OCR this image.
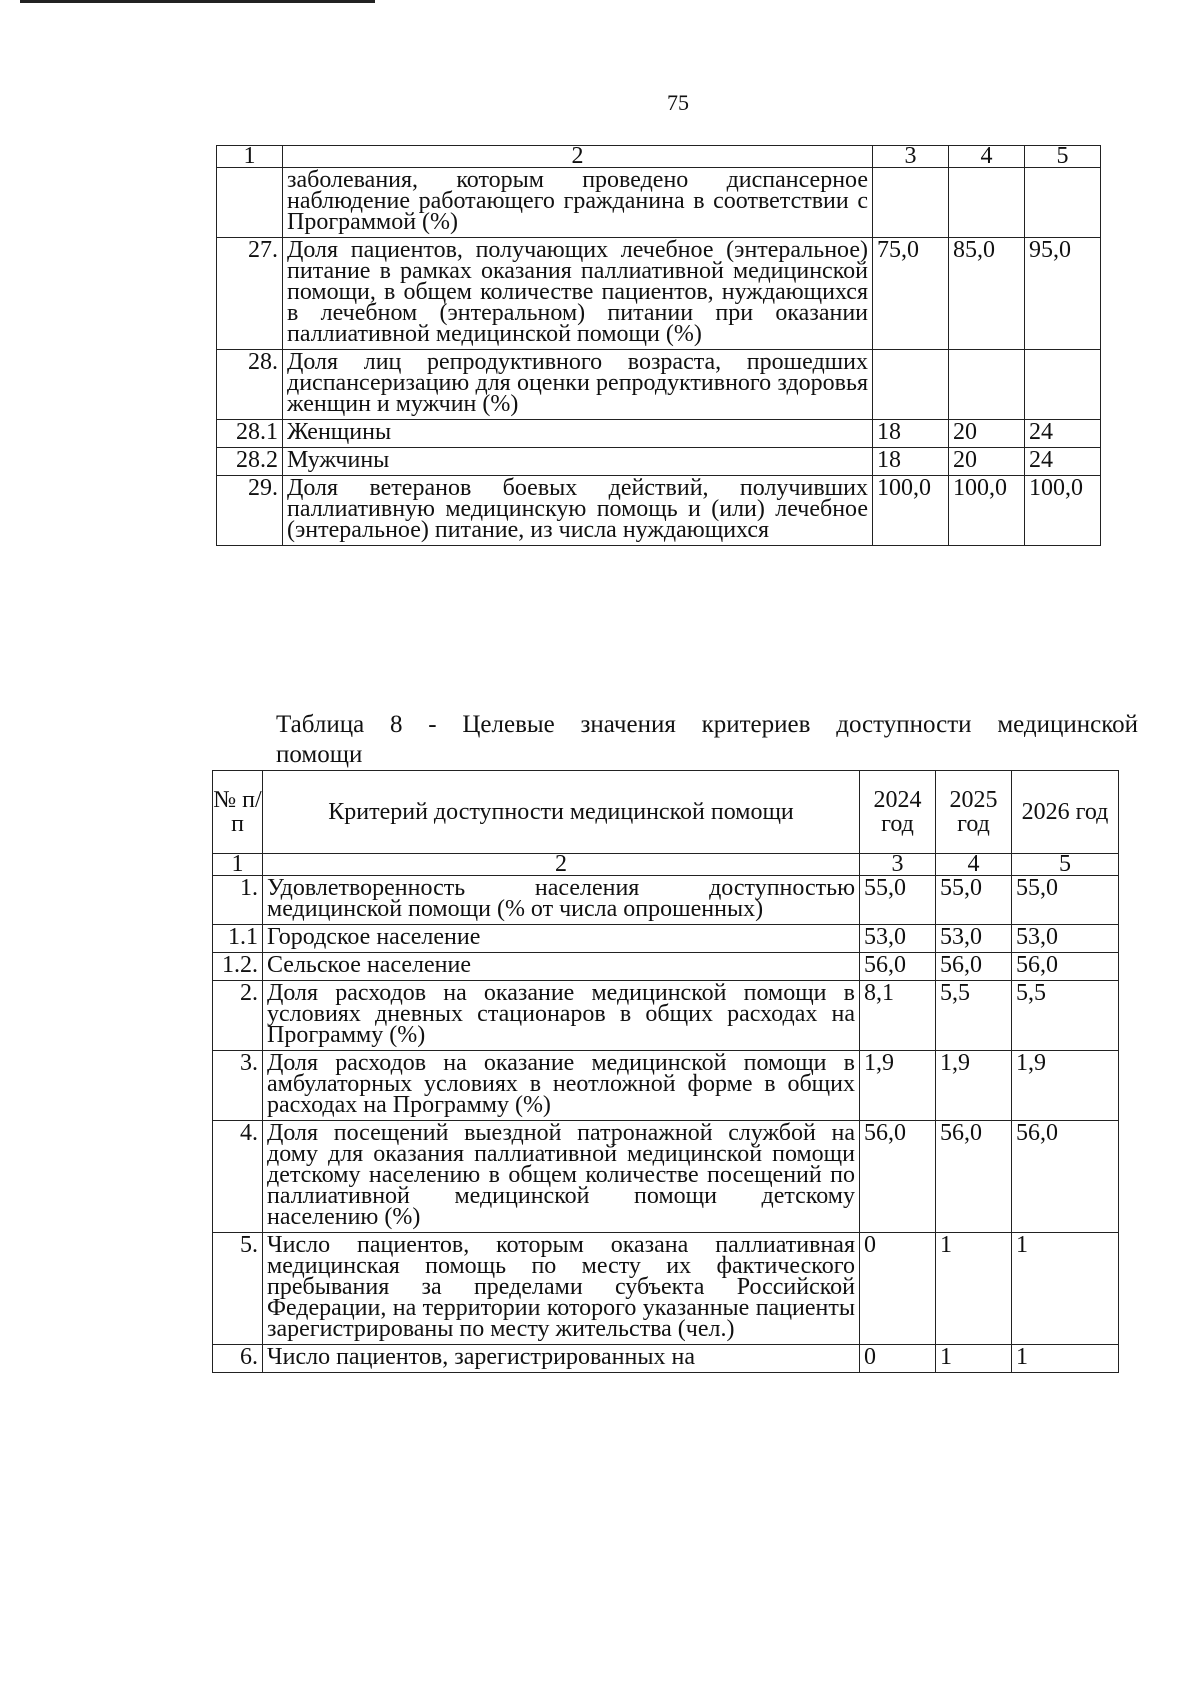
75
1	2	3	4	5
	заболевания, которым проведено диспансерное наблюдение работающего гражданина в соответствии с Программой (%)			
27.	Доля пациентов, получающих лечебное (энтеральное) питание в рамках оказания паллиативной медицинской помощи, в общем количестве пациентов, нуждающихся в лечебном (энтеральном) питании при оказании паллиативной медицинской помощи (%)	75,0	85,0	95,0
28.	Доля лиц репродуктивного возраста, прошедших диспансеризацию для оценки репродуктивного здоровья женщин и мужчин (%)			
28.1	Женщины	18	20	24
28.2	Мужчины	18	20	24
29.	Доля ветеранов боевых действий, получивших паллиативную медицинскую помощь и (или) лечебное (энтеральное) питание, из числа нуждающихся	100,0	100,0	100,0
Таблица 8 - Целевые значения критериев доступности медицинской помощи
№ п/п	Критерий доступности медицинской помощи	2024 год	2025 год	2026 год
1	2	3	4	5
1.	Удовлетворенность населения доступностью медицинской помощи (% от числа опрошенных)	55,0	55,0	55,0
1.1	Городское население	53,0	53,0	53,0
1.2.	Сельское население	56,0	56,0	56,0
2.	Доля расходов на оказание медицинской помощи в условиях дневных стационаров в общих расходах на Программу (%)	8,1	5,5	5,5
3.	Доля расходов на оказание медицинской помощи в амбулаторных условиях в неотложной форме в общих расходах на Программу (%)	1,9	1,9	1,9
4.	Доля посещений выездной патронажной службой на дому для оказания паллиативной медицинской помощи детскому населению в общем количестве посещений по паллиативной медицинской помощи детскому населению (%)	56,0	56,0	56,0
5.	Число пациентов, которым оказана паллиативная медицинская помощь по месту их фактического пребывания за пределами субъекта Российской Федерации, на территории которого указанные пациенты зарегистрированы по месту жительства (чел.)	0	1	1
6.	Число пациентов, зарегистрированных на	0	1	1
